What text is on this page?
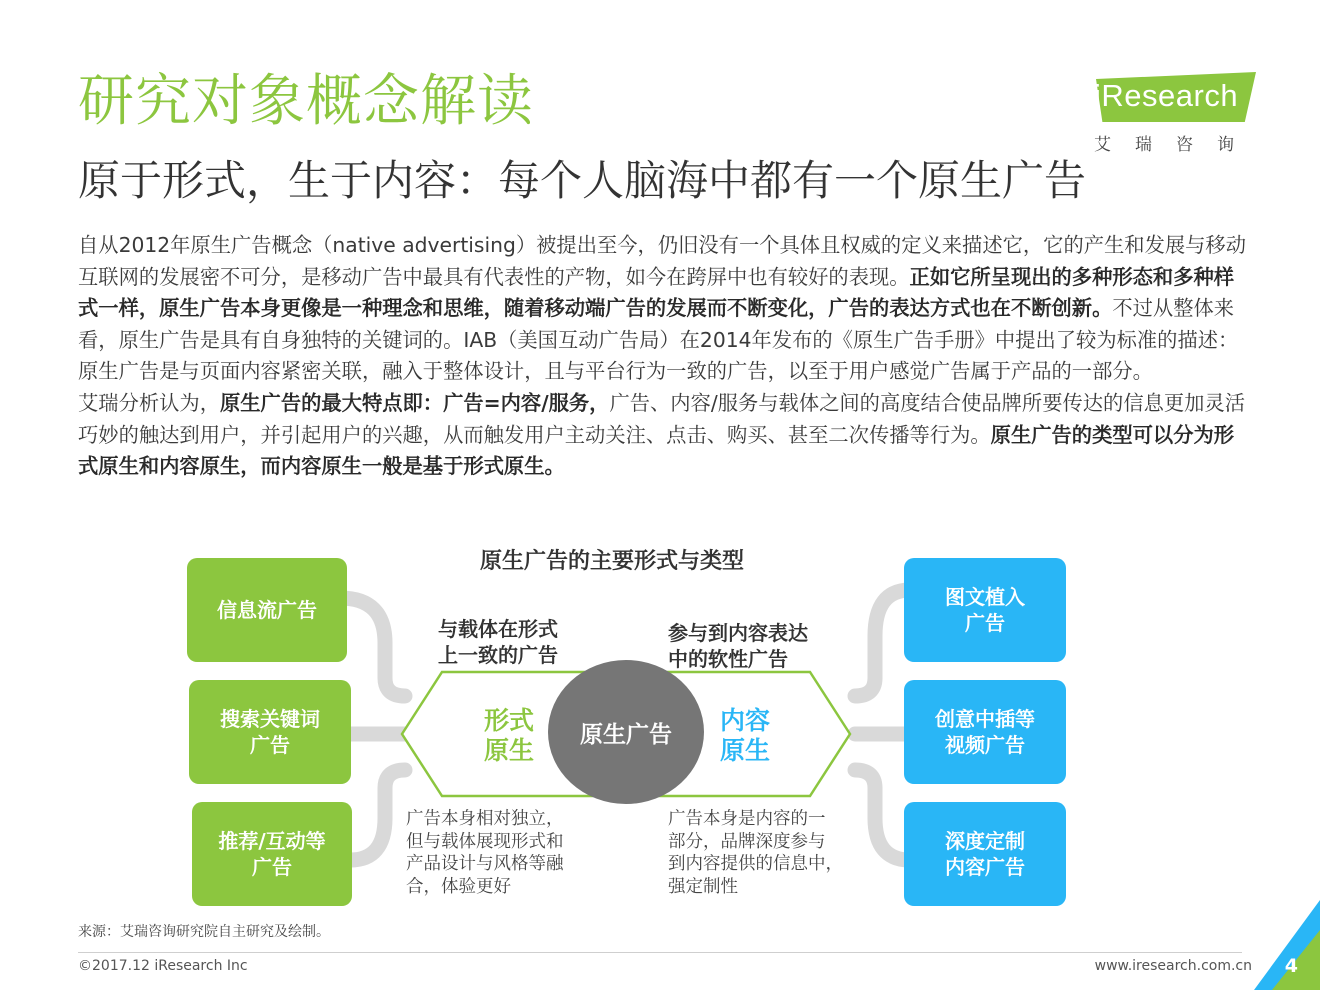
研究对象概念解读
原于形式，生于内容：每个人脑海中都有一个原生广告
iResearch
艾瑞咨询

自从2012年原生广告概念（native advertising）被提出至今，仍旧没有一个具体且权威的定义来描述它，它的产生和发展与移动互联网的发展密不可分，是移动广告中最具有代表性的产物，如今在跨屏中也有较好的表现。正如它所呈现出的多种形态和多种样式一样，原生广告本身更像是一种理念和思维，随着移动端广告的发展而不断变化，广告的表达方式也在不断创新。不过从整体来看，原生广告是具有自身独特的关键词的。IAB（美国互动广告局）在2014年发布的《原生广告手册》中提出了较为标准的描述：原生广告是与页面内容紧密关联，融入于整体设计，且与平台行为一致的广告，以至于用户感觉广告属于产品的一部分。

艾瑞分析认为，原生广告的最大特点即：广告=内容/服务，广告、内容/服务与载体之间的高度结合使品牌所要传达的信息更加灵活巧妙的触达到用户，并引起用户的兴趣，从而触发用户主动关注、点击、购买、甚至二次传播等行为。原生广告的类型可以分为形式原生和内容原生，而内容原生一般是基于形式原生。

原生广告的主要形式与类型
与载体在形式
上一致的广告
参与到内容表达
中的软性广告
形式
原生
内容
原生
原生广告
信息流广告
搜索关键词
广告
推荐/互动等
广告
图文植入
广告
创意中插等
视频广告
深度定制
内容广告
广告本身相对独立，
但与载体展现形式和
产品设计与风格等融
合，体验更好
广告本身是内容的一
部分，品牌深度参与
到内容提供的信息中，
强定制性
来源：艾瑞咨询研究院自主研究及绘制。
©2017.12 iResearch Inc	www.iresearch.com.cn 4
